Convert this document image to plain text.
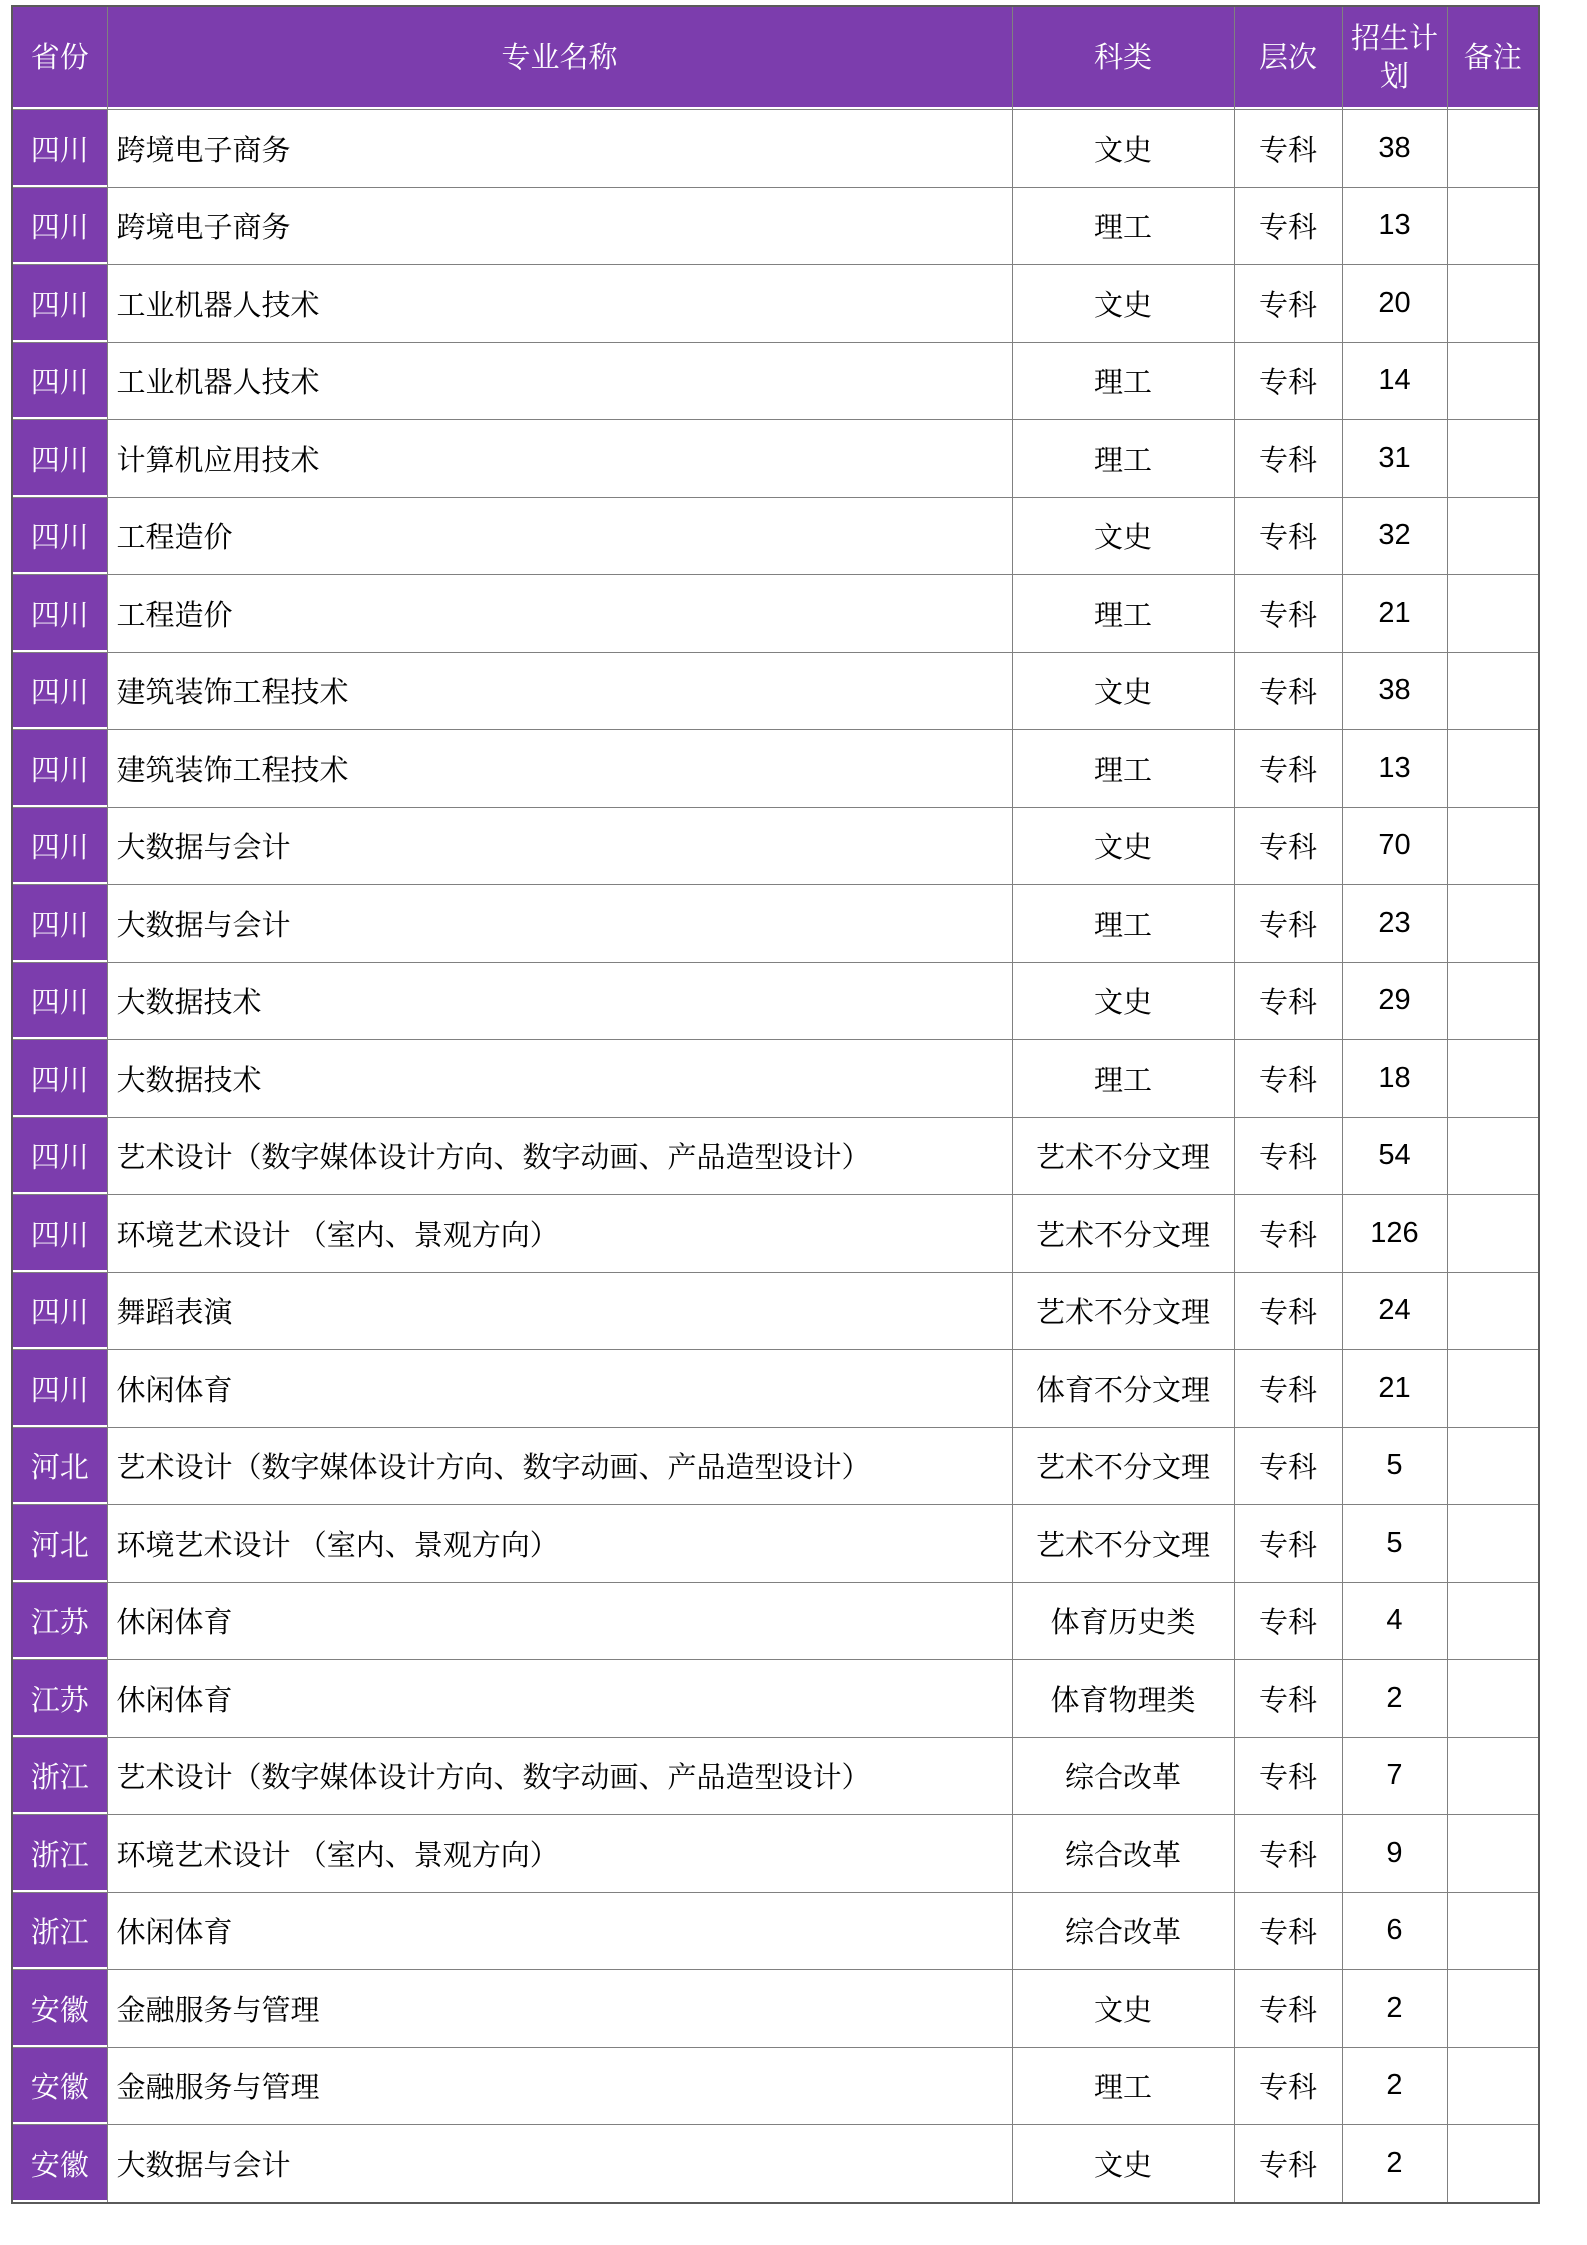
省份	专业名称	科类	层次	招生计划	备注
四川	跨境电子商务	文史	专科	38	
四川	跨境电子商务	理工	专科	13	
四川	工业机器人技术	文史	专科	20	
四川	工业机器人技术	理工	专科	14	
四川	计算机应用技术	理工	专科	31	
四川	工程造价	文史	专科	32	
四川	工程造价	理工	专科	21	
四川	建筑装饰工程技术	文史	专科	38	
四川	建筑装饰工程技术	理工	专科	13	
四川	大数据与会计	文史	专科	70	
四川	大数据与会计	理工	专科	23	
四川	大数据技术	文史	专科	29	
四川	大数据技术	理工	专科	18	
四川	艺术设计（数字媒体设计方向、数字动画、产品造型设计）	艺术不分文理	专科	54	
四川	环境艺术设计 （室内、景观方向）	艺术不分文理	专科	126	
四川	舞蹈表演	艺术不分文理	专科	24	
四川	休闲体育	体育不分文理	专科	21	
河北	艺术设计（数字媒体设计方向、数字动画、产品造型设计）	艺术不分文理	专科	5	
河北	环境艺术设计 （室内、景观方向）	艺术不分文理	专科	5	
江苏	休闲体育	体育历史类	专科	4	
江苏	休闲体育	体育物理类	专科	2	
浙江	艺术设计（数字媒体设计方向、数字动画、产品造型设计）	综合改革	专科	7	
浙江	环境艺术设计 （室内、景观方向）	综合改革	专科	9	
浙江	休闲体育	综合改革	专科	6	
安徽	金融服务与管理	文史	专科	2	
安徽	金融服务与管理	理工	专科	2	
安徽	大数据与会计	文史	专科	2	
